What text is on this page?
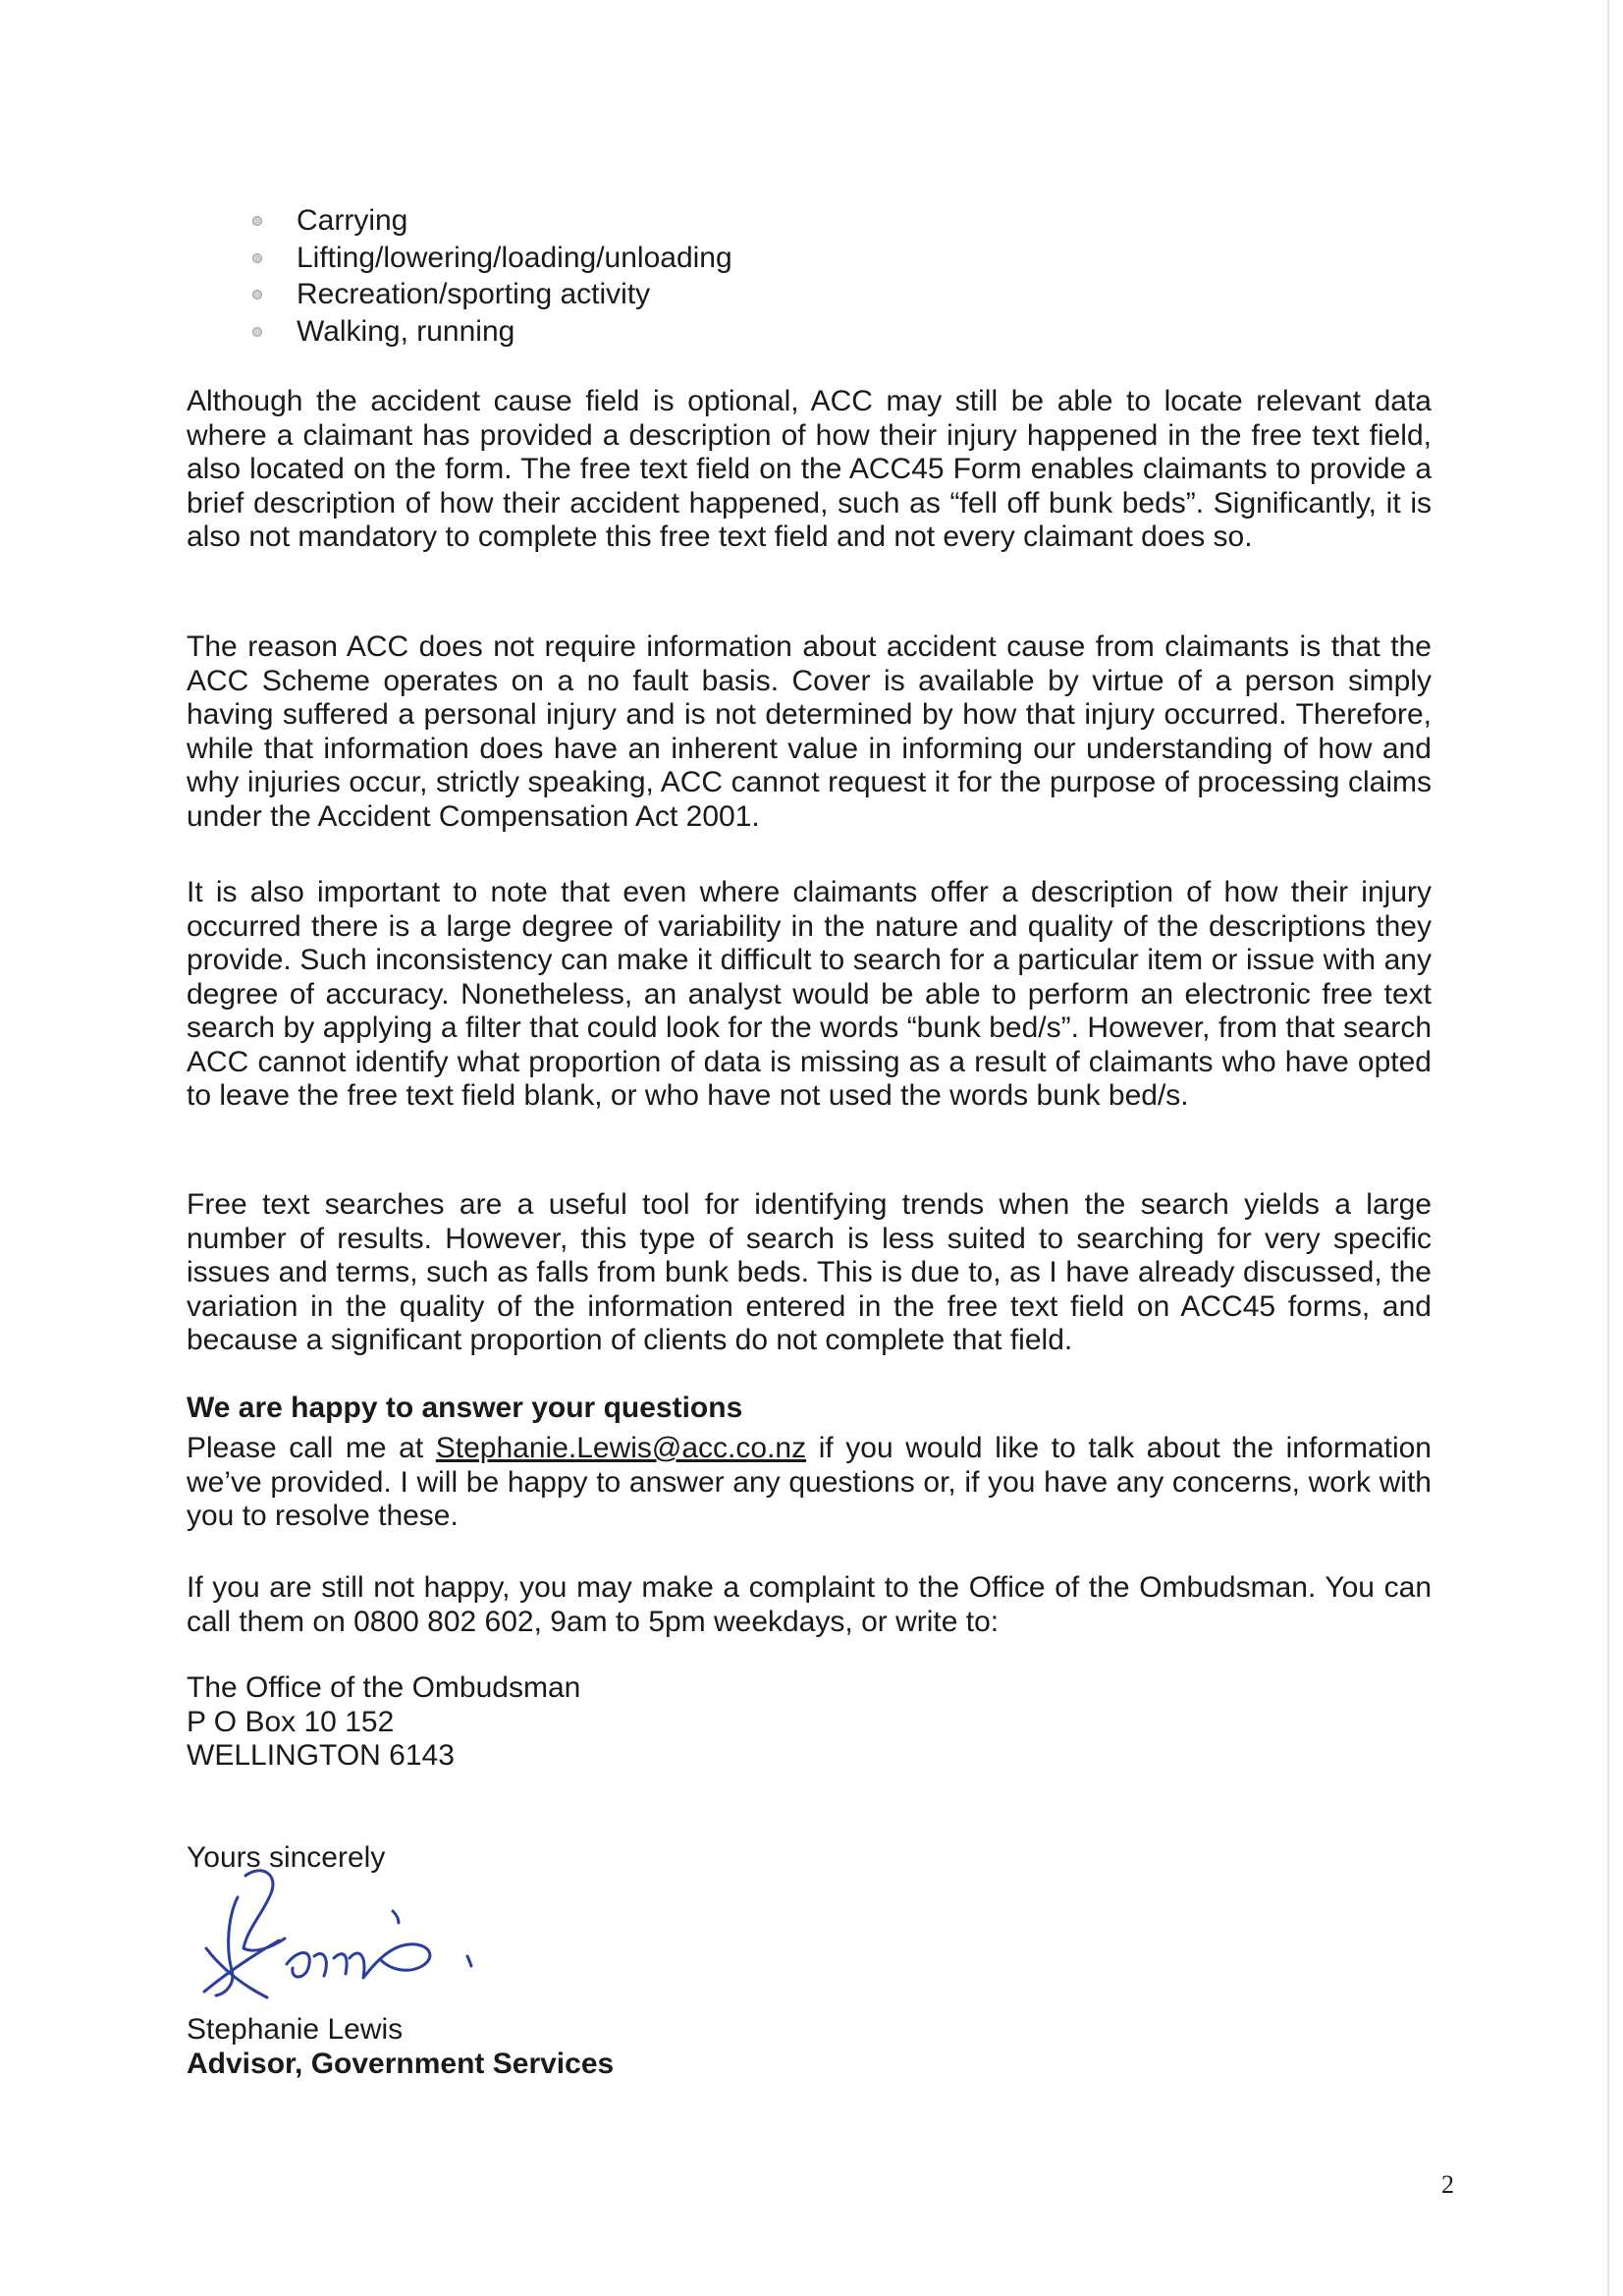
Carrying
Lifting/lowering/loading/unloading
Recreation/sporting activity
Walking, running

Although the accident cause field is optional, ACC may still be able to locate relevant data where a claimant has provided a description of how their injury happened in the free text field, also located on the form. The free text field on the ACC45 Form enables claimants to provide a brief description of how their accident happened, such as “fell off bunk beds”. Significantly, it is also not mandatory to complete this free text field and not every claimant does so.

The reason ACC does not require information about accident cause from claimants is that the ACC Scheme operates on a no fault basis. Cover is available by virtue of a person simply having suffered a personal injury and is not determined by how that injury occurred. Therefore, while that information does have an inherent value in informing our understanding of how and why injuries occur, strictly speaking, ACC cannot request it for the purpose of processing claims under the Accident Compensation Act 2001.

It is also important to note that even where claimants offer a description of how their injury occurred there is a large degree of variability in the nature and quality of the descriptions they provide. Such inconsistency can make it difficult to search for a particular item or issue with any degree of accuracy. Nonetheless, an analyst would be able to perform an electronic free text search by applying a filter that could look for the words “bunk bed/s”. However, from that search ACC cannot identify what proportion of data is missing as a result of claimants who have opted to leave the free text field blank, or who have not used the words bunk bed/s.

Free text searches are a useful tool for identifying trends when the search yields a large number of results. However, this type of search is less suited to searching for very specific issues and terms, such as falls from bunk beds. This is due to, as I have already discussed, the variation in the quality of the information entered in the free text field on ACC45 forms, and because a significant proportion of clients do not complete that field.

We are happy to answer your questions

Please call me at Stephanie.Lewis@acc.co.nz if you would like to talk about the information we’ve provided. I will be happy to answer any questions or, if you have any concerns, work with you to resolve these.

If you are still not happy, you may make a complaint to the Office of the Ombudsman. You can call them on 0800 802 602, 9am to 5pm weekdays, or write to:

The Office of the Ombudsman
P O Box 10 152
WELLINGTON 6143
Yours sincerely
Stephanie Lewis
Advisor, Government Services
2
